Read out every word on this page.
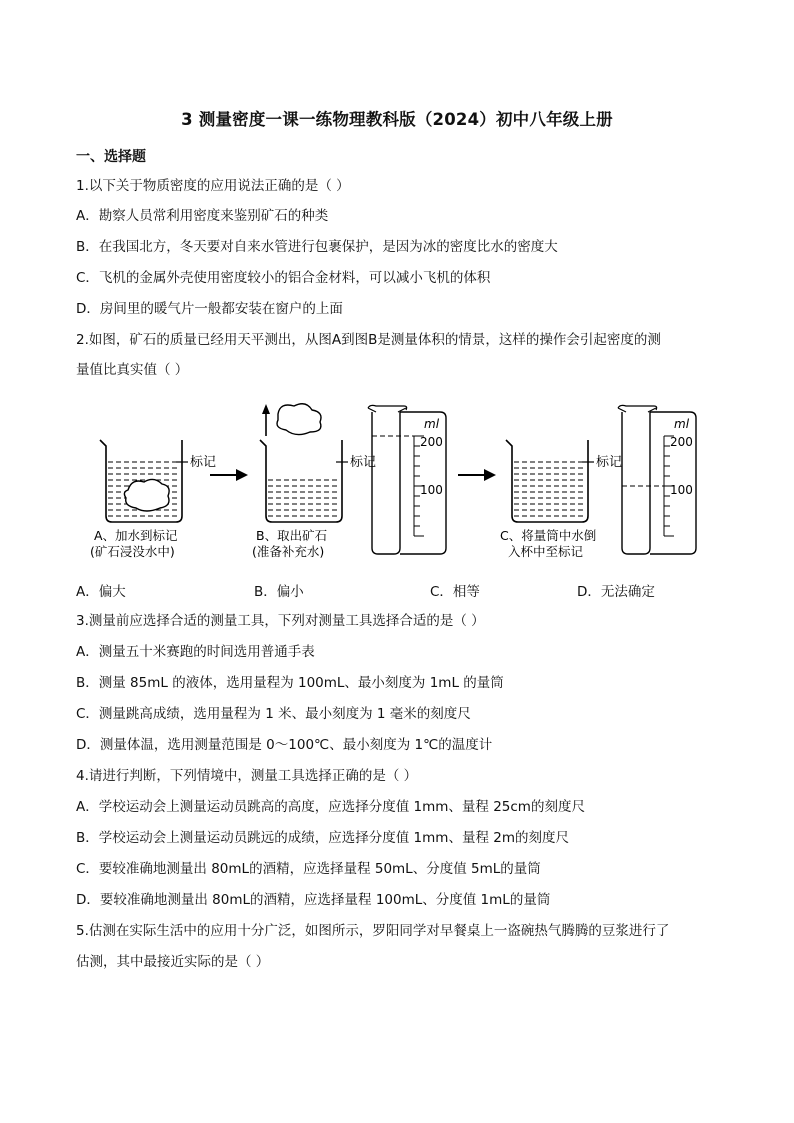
3 测量密度一课一练物理教科版（2024）初中八年级上册
一、选择题
1.以下关于物质密度的应用说法正确的是（ ）
A．勘察人员常利用密度来鉴别矿石的种类
B．在我国北方，冬天要对自来水管进行包裹保护，是因为冰的密度比水的密度大
C．飞机的金属外壳使用密度较小的铝合金材料，可以减小飞机的体积
D．房间里的暖气片一般都安装在窗户的上面
2.如图，矿石的质量已经用天平测出，从图A到图B是测量体积的情景，这样的操作会引起密度的测
量值比真实值（ ）
标记
A、加水到标记
(矿石浸没水中)
标记
B、取出矿石
(准备补充水)
ml
200
100
标记
C、将量筒中水倒
入杯中至标记
ml
200
100
A．偏大	B．偏小	C．相等	D．无法确定
3.测量前应选择合适的测量工具，下列对测量工具选择合适的是（ ）
A．测量五十米赛跑的时间选用普通手表
B．测量 85mL 的液体，选用量程为 100mL、最小刻度为 1mL 的量筒
C．测量跳高成绩，选用量程为 1 米、最小刻度为 1 毫米的刻度尺
D．测量体温，选用测量范围是 0～100℃、最小刻度为 1℃的温度计
4.请进行判断，下列情境中，测量工具选择正确的是（ ）
A．学校运动会上测量运动员跳高的高度，应选择分度值 1mm、量程 25cm的刻度尺
B．学校运动会上测量运动员跳远的成绩，应选择分度值 1mm、量程 2m的刻度尺
C．要较准确地测量出 80mL的酒精，应选择量程 50mL、分度值 5mL的量筒
D．要较准确地测量出 80mL的酒精，应选择量程 100mL、分度值 1mL的量筒
5.估测在实际生活中的应用十分广泛，如图所示，罗阳同学对早餐桌上一盗碗热气腾腾的豆浆进行了
估测，其中最接近实际的是（ ）
